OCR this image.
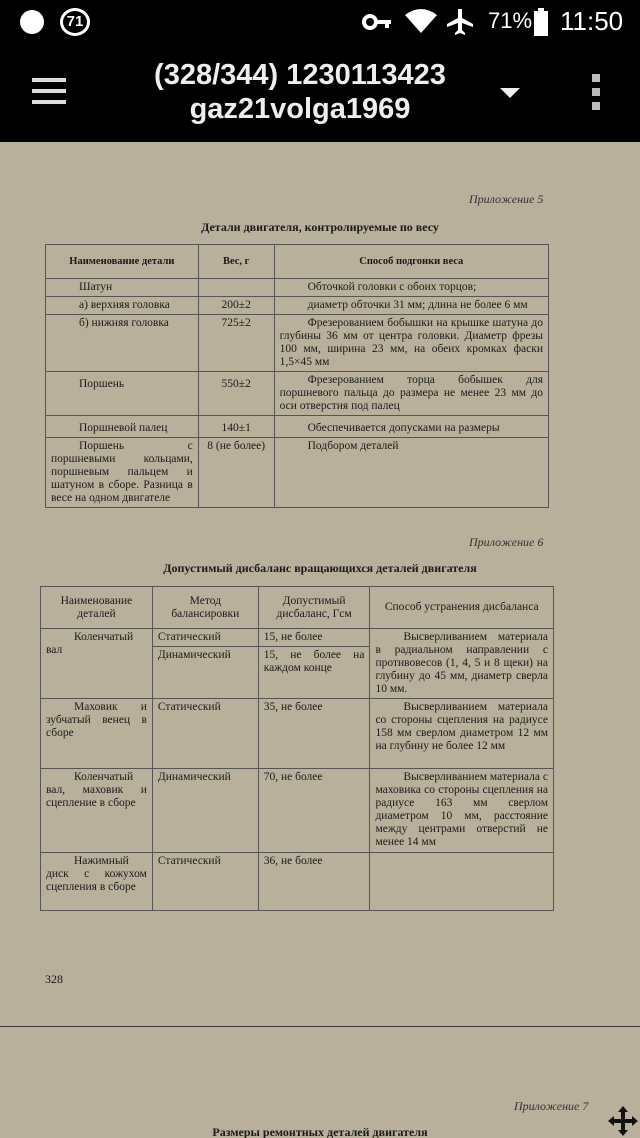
71	71% 11:50
(328/344) 1230113423
gaz21volga1969
Приложение 5
Детали двигателя, контролируемые по весу
Наименование детали	Вес, г	Способ подгонки веса
Шатун		Обточкой головки с обоих торцов;
а) верхняя головка	200±2	диаметр обточки 31 мм; длина не более 6 мм
б) нижняя головка	725±2	Фрезерованием бобышки на крышке шатуна до глубины 36 мм от центра головки. Диаметр фрезы 100 мм, ширина 23 мм, на обеих кромках фаски 1,5×45 мм
Поршень	550±2	Фрезерованием торца бобышек для поршневого пальца до размера не менее 23 мм до оси отверстия под палец
Поршневой палец	140±1	Обеспечивается допусками на размеры
Поршень с поршневыми кольцами, поршневым пальцем и шатуном в сборе. Разница в весе на одном двигателе	8 (не более)	Подбором деталей
Приложение 6
Допустимый дисбаланс вращающихся деталей двигателя
Наименование деталей	Метод балансировки	Допустимый дисбаланс, Гсм	Способ устранения дисбаланса
Коленчатый вал	Статический	15, не более	Высверливанием материала в радиальном направлении с противовесов (1, 4, 5 и 8 щеки) на глубину до 45 мм, диаметр сверла 10 мм.
	Динамический	15, не более на каждом конце	
Маховик и зубчатый венец в сборе	Статический	35, не более	Высверливанием материала со стороны сцепления на радиусе 158 мм сверлом диаметром 12 мм на глубину не более 12 мм
Коленчатый вал, маховик и сцепление в сборе	Динамический	70, не более	Высверливанием материала с маховика со стороны сцепления на радиусе 163 мм сверлом диаметром 10 мм, расстояние между центрами отверстий не менее 14 мм
Нажимный диск с кожухом сцепления в сборе	Статический	36, не более	
328
Приложение 7
Размеры ремонтных деталей двигателя
